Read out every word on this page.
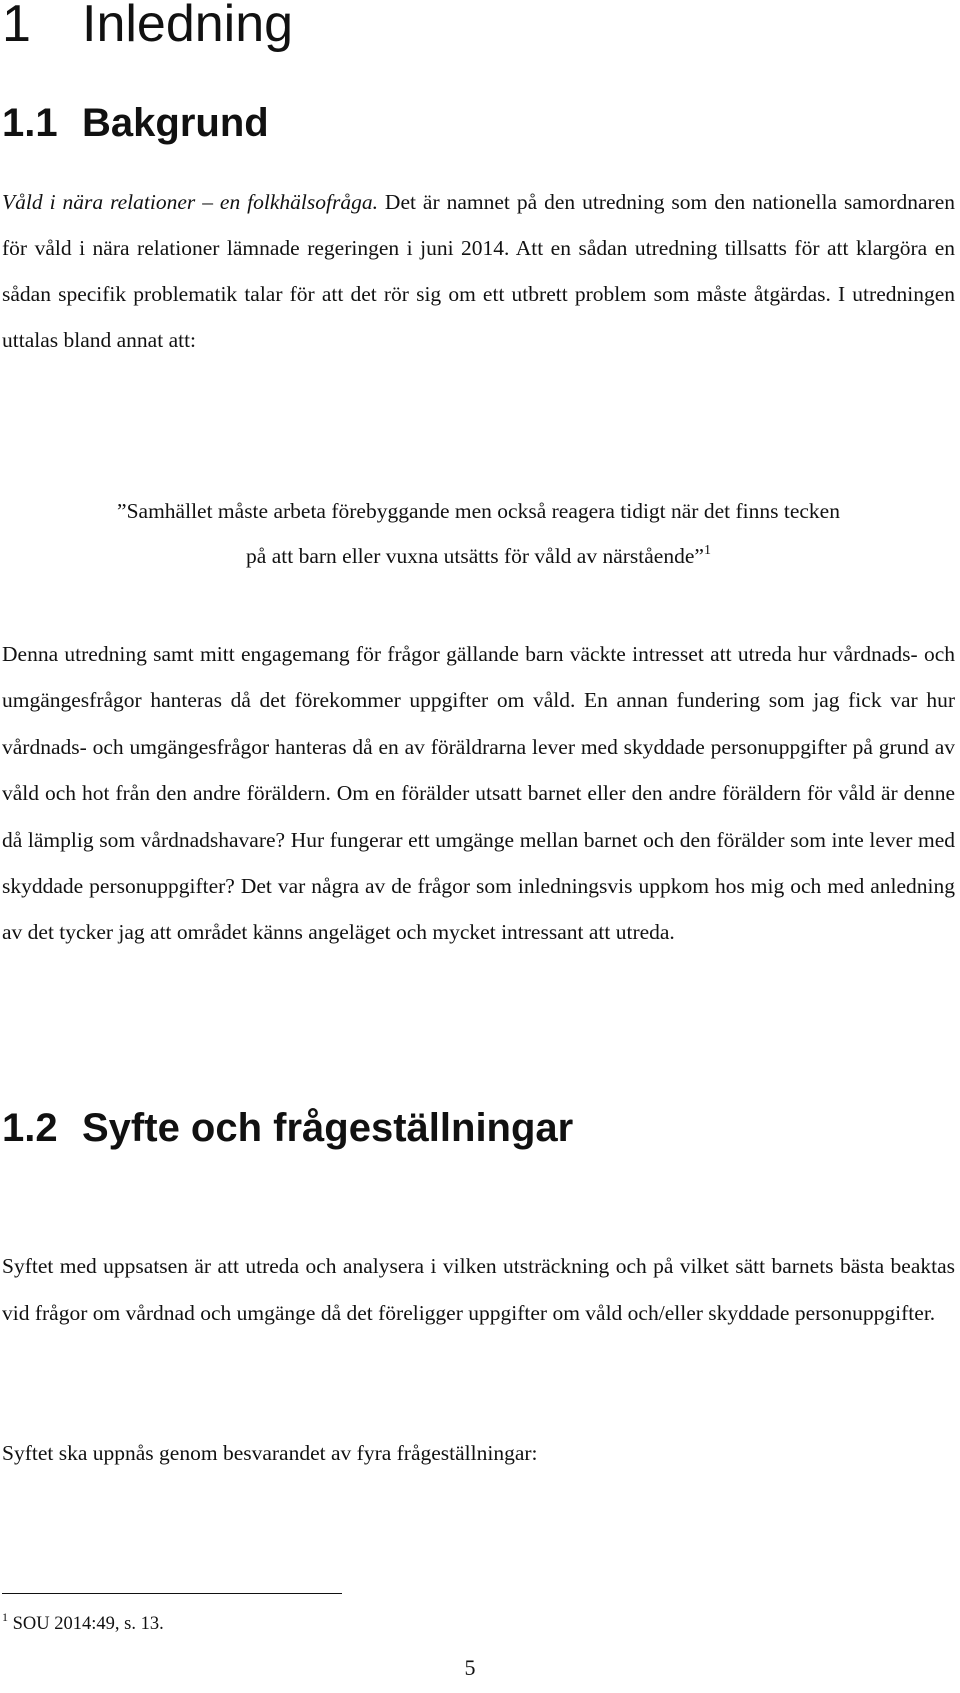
1 Inledning
1.1 Bakgrund

Våld i nära relationer – en folkhälsofråga. Det är namnet på den utredning som den nationella samordnaren för våld i nära relationer lämnade regeringen i juni 2014. Att en sådan utredning tillsatts för att klargöra en sådan specifik problematik talar för att det rör sig om ett utbrett problem som måste åtgärdas. I utredningen uttalas bland annat att:

”Samhället måste arbeta förebyggande men också reagera tidigt när det finns tecken

på att barn eller vuxna utsätts för våld av närstående”$^1$

Denna utredning samt mitt engagemang för frågor gällande barn väckte intresset att utreda hur vårdnads- och umgängesfrågor hanteras då det förekommer uppgifter om våld. En annan fundering som jag fick var hur vårdnads- och umgängesfrågor hanteras då en av föräldrarna lever med skyddade personuppgifter på grund av våld och hot från den andre föräldern. Om en förälder utsatt barnet eller den andre föräldern för våld är denne då lämplig som vårdnadshavare? Hur fungerar ett umgänge mellan barnet och den förälder som inte lever med skyddade personuppgifter? Det var några av de frågor som inledningsvis uppkom hos mig och med anledning av det tycker jag att området känns angeläget och mycket intressant att utreda.

1.2 Syfte och frågeställningar

Syftet med uppsatsen är att utreda och analysera i vilken utsträckning och på vilket sätt barnets bästa beaktas vid frågor om vårdnad och umgänge då det föreligger uppgifter om våld och/eller skyddade personuppgifter.

Syftet ska uppnås genom besvarandet av fyra frågeställningar:

$^1$ SOU 2014:49, s. 13.

5
